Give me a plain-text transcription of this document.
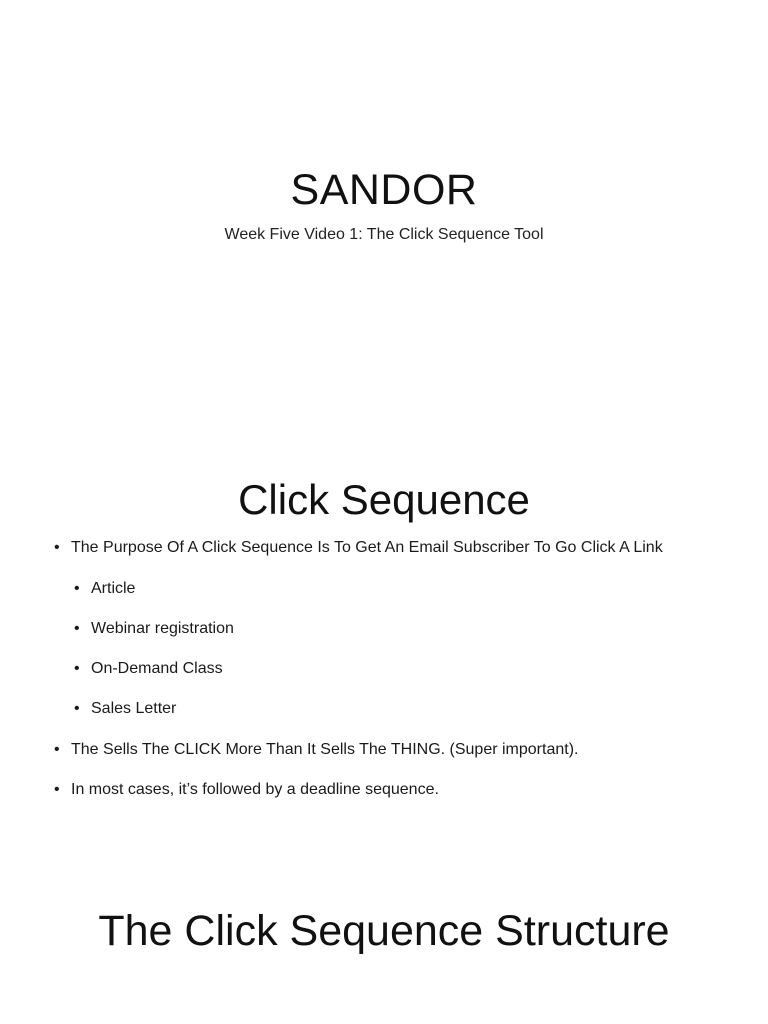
SANDOR
Week Five Video 1: The Click Sequence Tool
Click Sequence
• The Purpose Of A Click Sequence Is To Get An Email Subscriber To Go Click A Link
• Article
• Webinar registration
• On-Demand Class
• Sales Letter
• The Sells The CLICK More Than It Sells The THING. (Super important).
• In most cases, it’s followed by a deadline sequence.
The Click Sequence Structure
